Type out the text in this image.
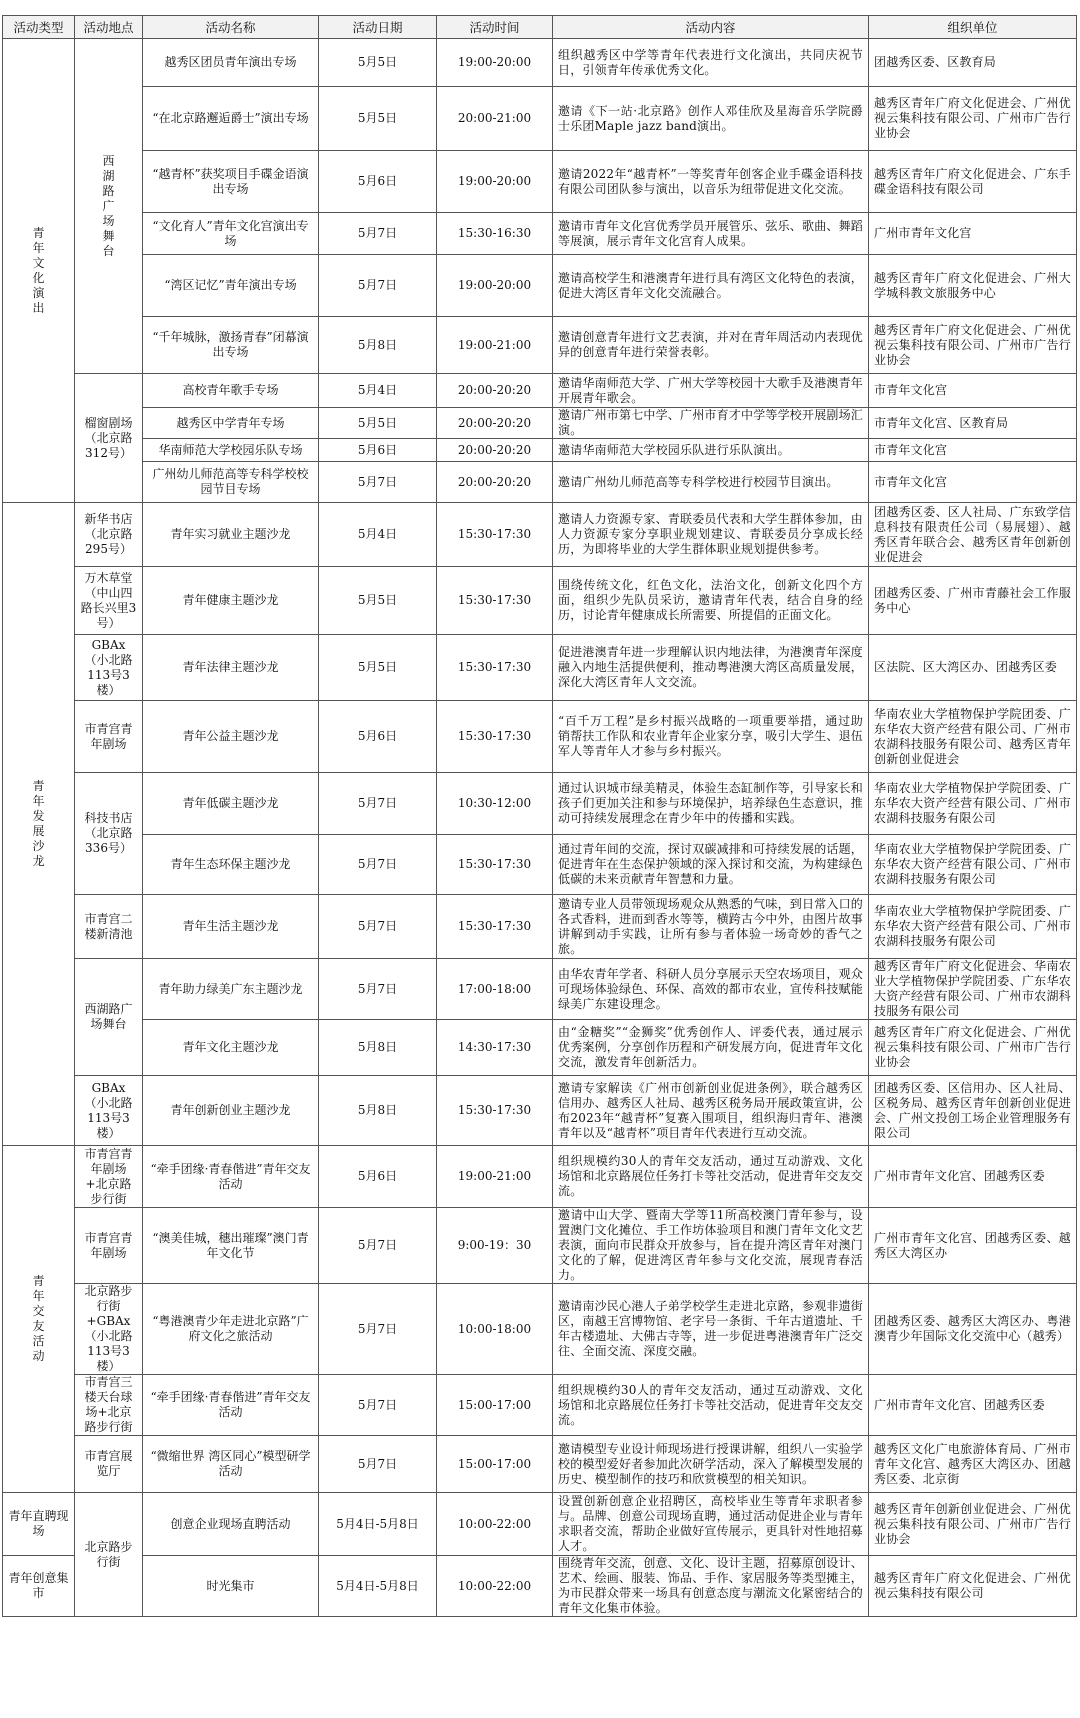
活动类型	活动地点	活动名称	活动日期	活动时间	活动内容	组织单位
青年文化演出	西湖路广场舞台	越秀区团员青年演出专场	5月5日	19:00-20:00	组织越秀区中学等青年代表进行文化演出，共同庆祝节日，引领青年传承优秀文化。	团越秀区委、区教育局
		“在北京路邂逅爵士”演出专场	5月5日	20:00-21:00	邀请《下一站·北京路》创作人邓佳欣及星海音乐学院爵士乐团Maple jazz band演出。	越秀区青年广府文化促进会、广州优视云集科技有限公司、广州市广告行业协会
		“越青杯”获奖项目手碟金语演出专场	5月6日	19:00-20:00	邀请2022年“越青杯”一等奖青年创客企业手碟金语科技有限公司团队参与演出，以音乐为纽带促进文化交流。	越秀区青年广府文化促进会、广东手碟金语科技有限公司
		“文化育人”青年文化宫演出专场	5月7日	15:30-16:30	邀请市青年文化宫优秀学员开展管乐、弦乐、歌曲、舞蹈等展演，展示青年文化宫育人成果。	广州市青年文化宫
		“湾区记忆”青年演出专场	5月7日	19:00-20:00	邀请高校学生和港澳青年进行具有湾区文化特色的表演，促进大湾区青年文化交流融合。	越秀区青年广府文化促进会、广州大学城科教文旅服务中心
		“千年城脉，激扬青春”闭幕演出专场	5月8日	19:00-21:00	邀请创意青年进行文艺表演，并对在青年周活动内表现优异的创意青年进行荣誉表彰。	越秀区青年广府文化促进会、广州优视云集科技有限公司、广州市广告行业协会
	榴窗剧场（北京路312号）	高校青年歌手专场	5月4日	20:00-20:20	邀请华南师范大学、广州大学等校园十大歌手及港澳青年开展青年歌会。	市青年文化宫
		越秀区中学青年专场	5月5日	20:00-20:20	邀请广州市第七中学、广州市育才中学等学校开展剧场汇演。	市青年文化宫、区教育局
		华南师范大学校园乐队专场	5月6日	20:00-20:20	邀请华南师范大学校园乐队进行乐队演出。	市青年文化宫
		广州幼儿师范高等专科学校校园节目专场	5月7日	20:00-20:20	邀请广州幼儿师范高等专科学校进行校园节目演出。	市青年文化宫
青年发展沙龙	新华书店（北京路295号）	青年实习就业主题沙龙	5月4日	15:30-17:30	邀请人力资源专家、青联委员代表和大学生群体参加，由人力资源专家分享职业规划建议、青联委员分享成长经历，为即将毕业的大学生群体职业规划提供参考。	团越秀区委、区人社局、广东致学信息科技有限责任公司（易展翅）、越秀区青年联合会、越秀区青年创新创业促进会
	万木草堂（中山四路长兴里3号）	青年健康主题沙龙	5月5日	15:30-17:30	围绕传统文化，红色文化，法治文化，创新文化四个方面，组织少先队员采访，邀请青年代表，结合自身的经历，讨论青年健康成长所需要、所提倡的正面文化。	团越秀区委、广州市青藤社会工作服务中心
	GBAx（小北路113号3楼）	青年法律主题沙龙	5月5日	15:30-17:30	促进港澳青年进一步理解认识内地法律，为港澳青年深度融入内地生活提供便利，推动粤港澳大湾区高质量发展，深化大湾区青年人文交流。	区法院、区大湾区办、团越秀区委
	市青宫青年剧场	青年公益主题沙龙	5月6日	15:30-17:30	“百千万工程”是乡村振兴战略的一项重要举措，通过助销帮扶工作队和农业青年企业家分享，吸引大学生、退伍军人等青年人才参与乡村振兴。	华南农业大学植物保护学院团委、广东华农大资产经营有限公司、广州市农湖科技服务有限公司、越秀区青年创新创业促进会
	科技书店（北京路336号）	青年低碳主题沙龙	5月7日	10:30-12:00	通过认识城市绿美精灵，体验生态缸制作等，引导家长和孩子们更加关注和参与环境保护，培养绿色生态意识，推动可持续发展理念在青少年中的传播和实践。	华南农业大学植物保护学院团委、广东华农大资产经营有限公司、广州市农湖科技服务有限公司
		青年生态环保主题沙龙	5月7日	15:30-17:30	通过青年间的交流，探讨双碳减排和可持续发展的话题，促进青年在生态保护领域的深入探讨和交流，为构建绿色低碳的未来贡献青年智慧和力量。	华南农业大学植物保护学院团委、广东华农大资产经营有限公司、广州市农湖科技服务有限公司
	市青宫二楼新清池	青年生活主题沙龙	5月7日	15:30-17:30	邀请专业人员带领现场观众从熟悉的气味，到日常入口的各式香料，进而到香水等等，横跨古今中外，由图片故事讲解到动手实践，让所有参与者体验一场奇妙的香气之旅。	华南农业大学植物保护学院团委、广东华农大资产经营有限公司、广州市农湖科技服务有限公司
	西湖路广场舞台	青年助力绿美广东主题沙龙	5月7日	17:00-18:00	由华农青年学者、科研人员分享展示天空农场项目，观众可现场体验绿色、环保、高效的都市农业，宣传科技赋能绿美广东建设理念。	越秀区青年广府文化促进会、华南农业大学植物保护学院团委、广东华农大资产经营有限公司、广州市农湖科技服务有限公司
		青年文化主题沙龙	5月8日	14:30-17:30	由“金糖奖”“金狮奖”优秀创作人、评委代表，通过展示优秀案例，分享创作历程和产研发展方向，促进青年文化交流，激发青年创新活力。	越秀区青年广府文化促进会、广州优视云集科技有限公司、广州市广告行业协会
	GBAx（小北路113号3楼）	青年创新创业主题沙龙	5月8日	15:30-17:30	邀请专家解读《广州市创新创业促进条例》，联合越秀区信用办、越秀区人社局、越秀区税务局开展政策宣讲，公布2023年“越青杯”复赛入围项目，组织海归青年、港澳青年以及“越青杯”项目青年代表进行互动交流。	团越秀区委、区信用办、区人社局、区税务局、越秀区青年创新创业促进会、广州文投创工场企业管理服务有限公司
青年交友活动	市青宫青年剧场+北京路步行街	“牵手团缘·青春偕进”青年交友活动	5月6日	19:00-21:00	组织规模约30人的青年交友活动，通过互动游戏、文化场馆和北京路展位任务打卡等社交活动，促进青年交友交流。	广州市青年文化宫、团越秀区委
	市青宫青年剧场	“澳美佳城，穗出璀璨”澳门青年文化节	5月7日	9:00-19：30	邀请中山大学、暨南大学等11所高校澳门青年参与，设置澳门文化摊位、手工作坊体验项目和澳门青年文化文艺表演，面向市民群众开放参与，旨在提升湾区青年对澳门文化的了解，促进湾区青年参与文化交流，展现青春活力。	广州市青年文化宫、团越秀区委、越秀区大湾区办
	北京路步行街+GBAx（小北路113号3楼）	“粤港澳青少年走进北京路”广府文化之旅活动	5月7日	10:00-18:00	邀请南沙民心港人子弟学校学生走进北京路，参观非遗街区，南越王宫博物馆、老字号一条街、千年古道遗址、千年古楼遗址、大佛古寺等，进一步促进粤港澳青年广泛交往、全面交流、深度交融。	团越秀区委、越秀区大湾区办、粤港澳青少年国际文化交流中心（越秀）
	市青宫三楼天台球场+北京路步行街	“牵手团缘·青春偕进”青年交友活动	5月7日	15:00-17:00	组织规模约30人的青年交友活动，通过互动游戏、文化场馆和北京路展位任务打卡等社交活动，促进青年交友交流。	广州市青年文化宫、团越秀区委
	市青宫展览厅	“微缩世界 湾区同心”模型研学活动	5月7日	15:00-17:00	邀请模型专业设计师现场进行授课讲解，组织八一实验学校的模型爱好者参加此次研学活动，深入了解模型发展的历史、模型制作的技巧和欣赏模型的相关知识。	越秀区文化广电旅游体育局、广州市青年文化宫、越秀区大湾区办、团越秀区委、北京街
青年直聘现场	北京路步行街	创意企业现场直聘活动	5月4日-5月8日	10:00-22:00	设置创新创意企业招聘区，高校毕业生等青年求职者参与。品牌、创意公司现场直聘，通过活动促进企业与青年求职者交流，帮助企业做好宣传展示，更具针对性地招募人才。	越秀区青年创新创业促进会、广州优视云集科技有限公司、广州市广告行业协会
青年创意集市		时光集市	5月4日-5月8日	10:00-22:00	围绕青年交流，创意、文化、设计主题，招募原创设计、艺术、绘画、服装、饰品、手作、家居服务等类型摊主，为市民群众带来一场具有创意态度与潮流文化紧密结合的青年文化集市体验。	越秀区青年广府文化促进会、广州优视云集科技有限公司
